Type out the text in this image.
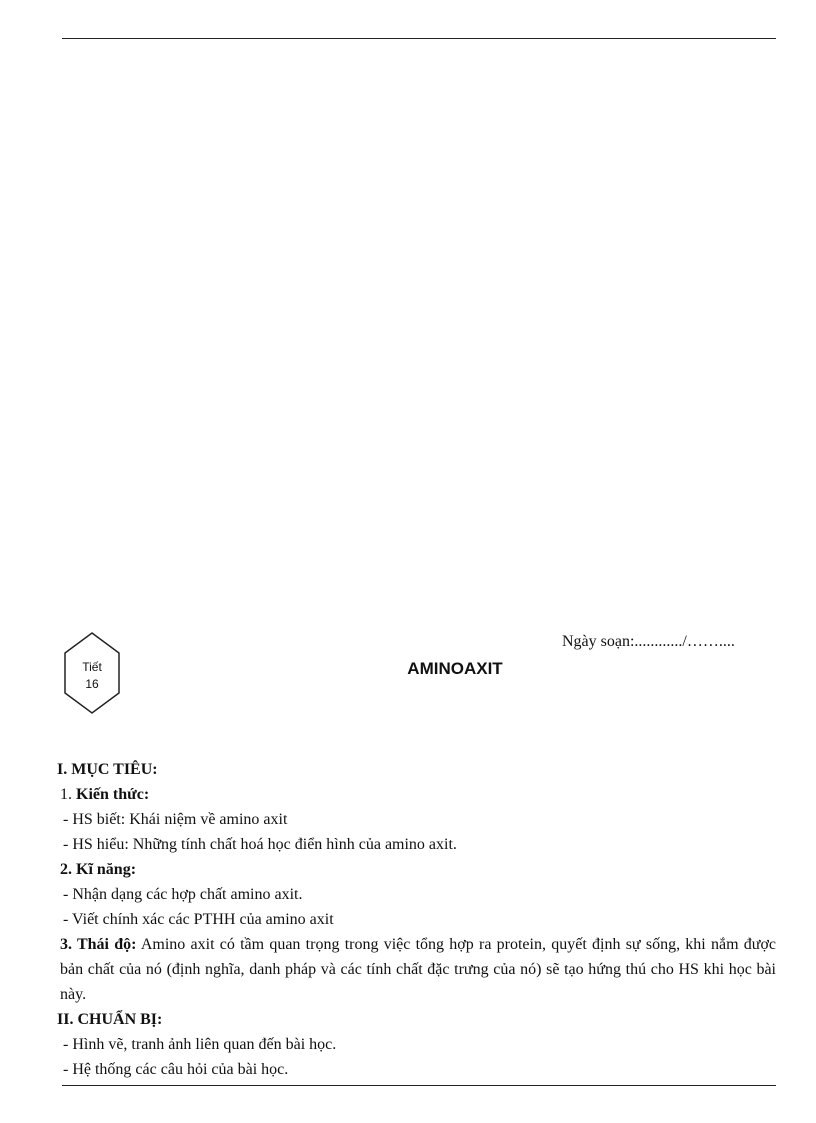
Ngày soạn:............/……....
Tiết
16
AMINOAXIT
I. MỤC TIÊU:
1. Kiến thức:
- HS biết: Khái niệm về amino axit
- HS hiểu: Những tính chất hoá học điển hình của amino axit.
2. Kĩ năng:
- Nhận dạng các hợp chất amino axit.
- Viết chính xác các PTHH của amino axit
3. Thái độ: Amino axit có tầm quan trọng trong việc tổng hợp ra protein, quyết định sự sống, khi nắm được bản chất của nó (định nghĩa, danh pháp và các tính chất đặc trưng của nó) sẽ tạo hứng thú cho HS khi học bài này.
II. CHUẨN BỊ:
- Hình vẽ, tranh ảnh liên quan đến bài học.
- Hệ thống các câu hỏi của bài học.
